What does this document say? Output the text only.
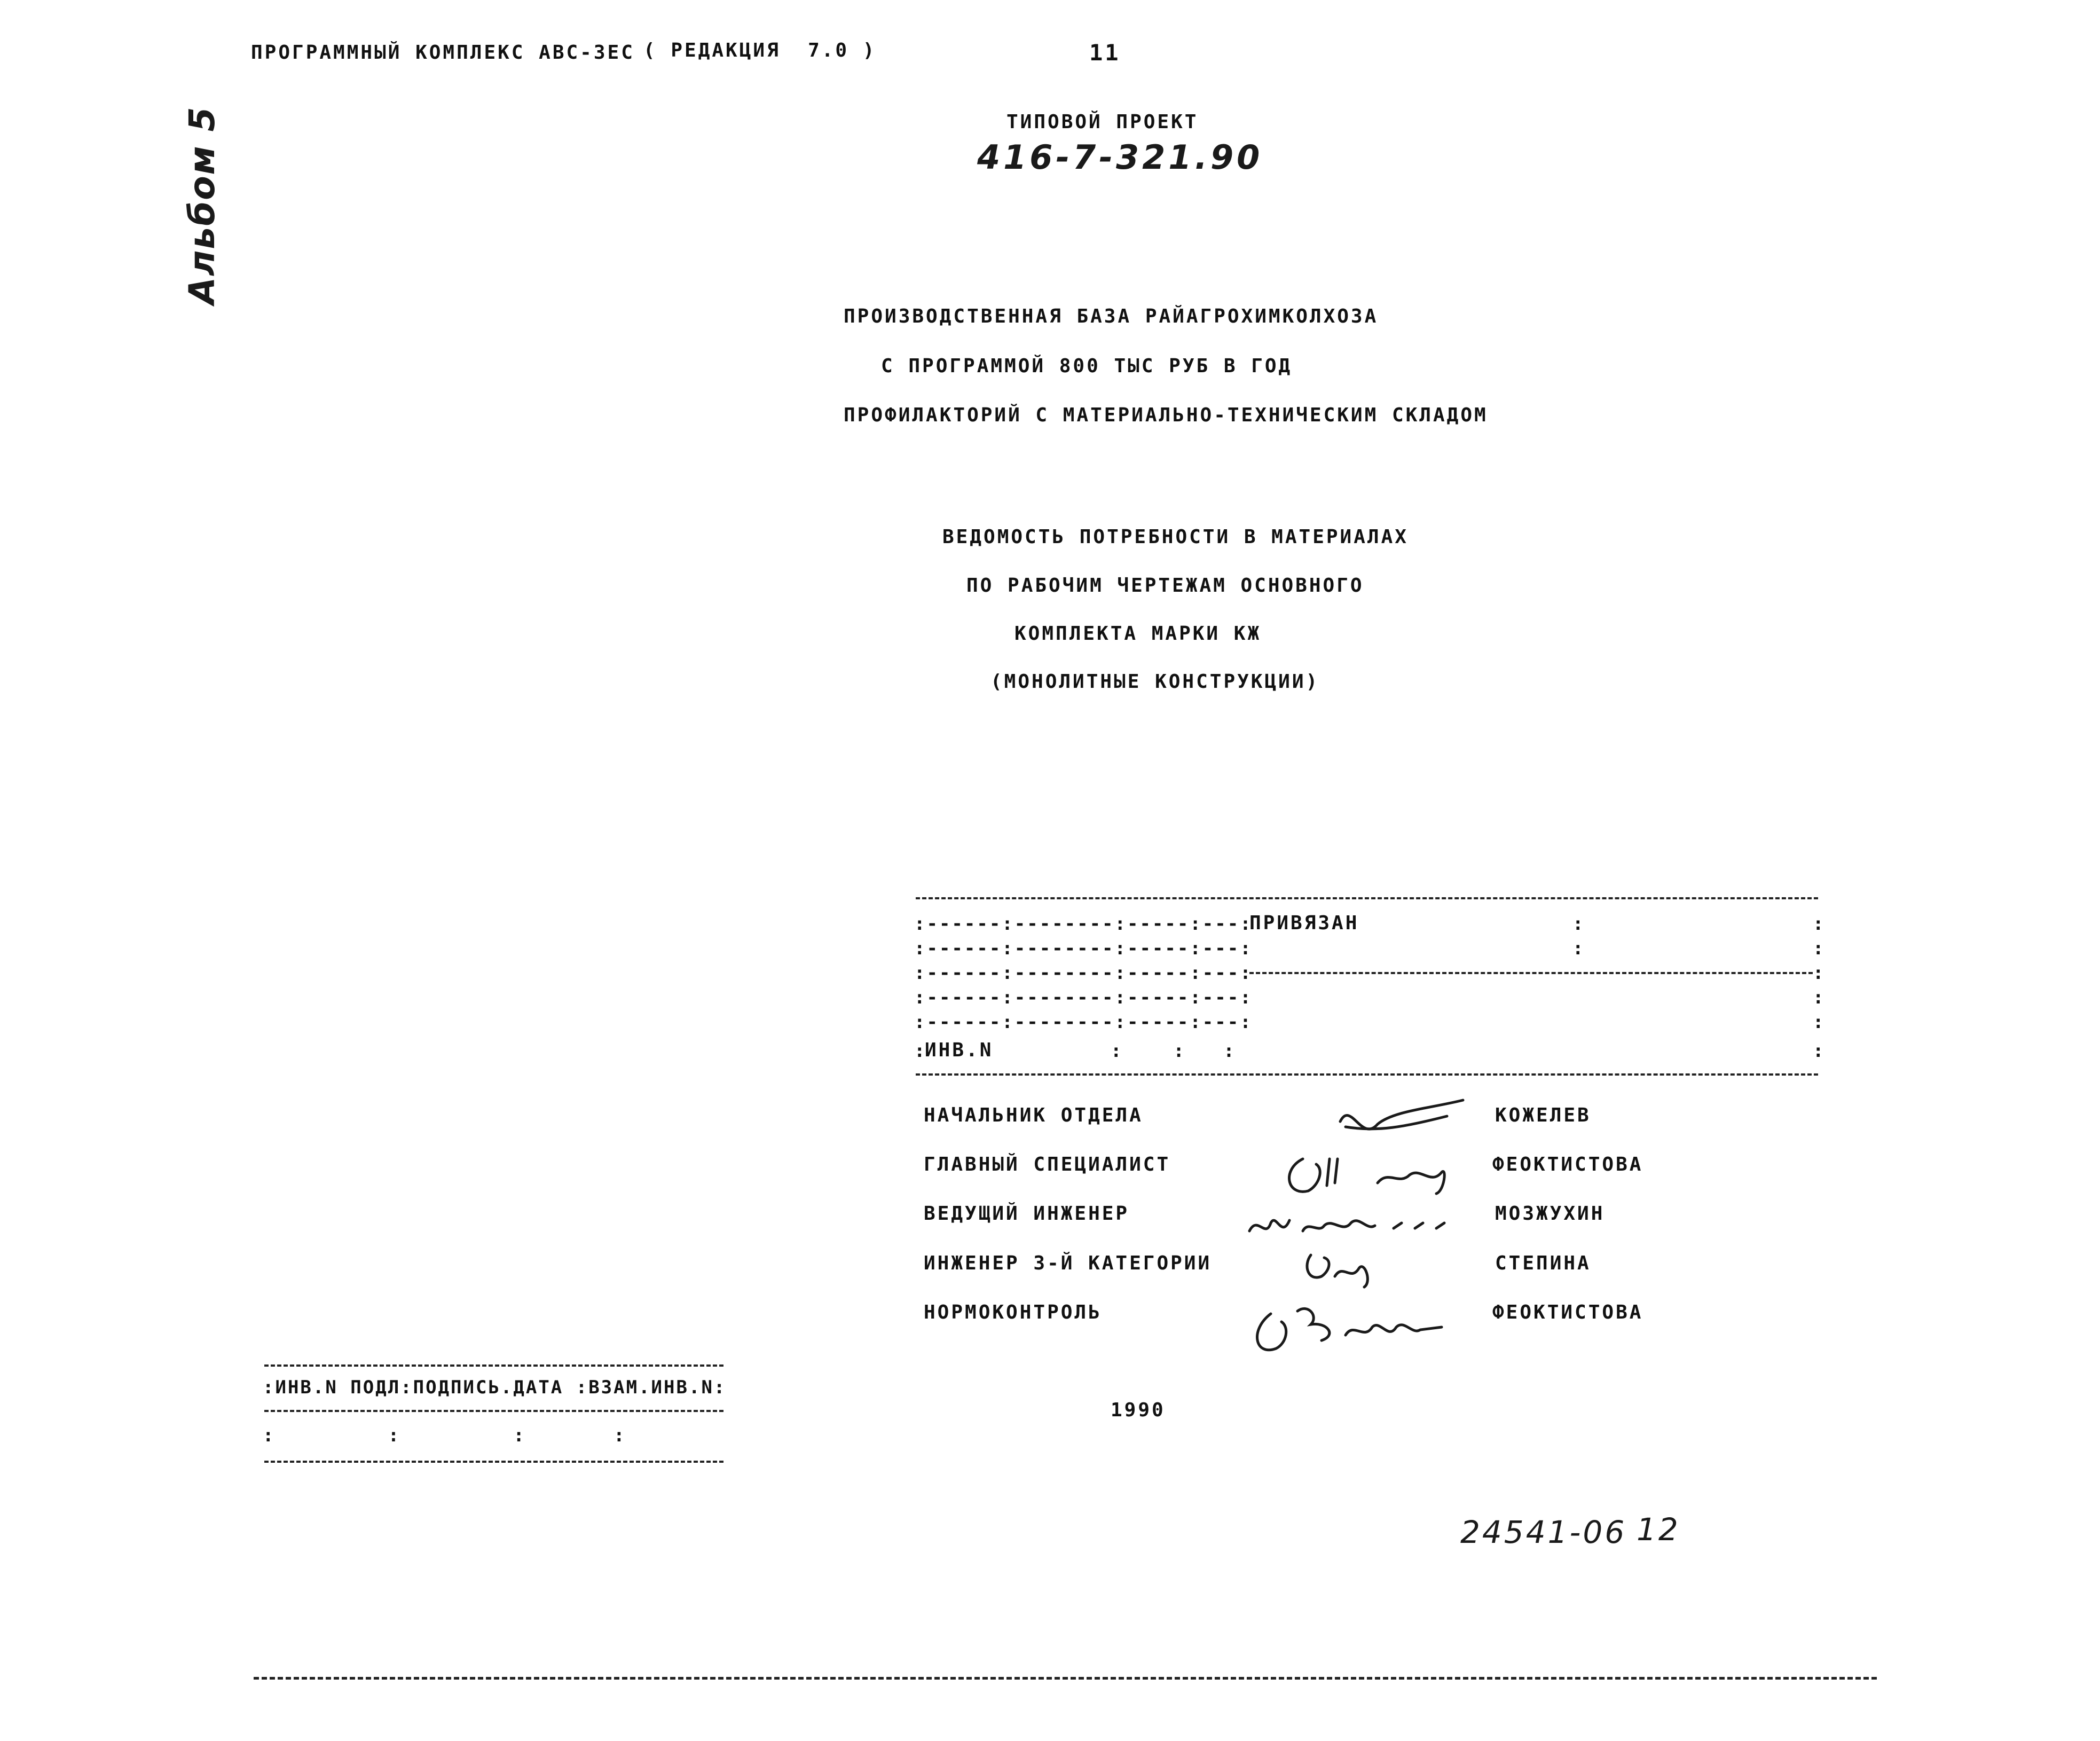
ПРОГРАММНЫЙ КОМПЛЕКС АВС-3ЕС ( РЕДАКЦИЯ  7.0 )	11
Альбом 5	ТИПОВОЙ ПРОЕКТ
416-7-321.90
ПРОИЗВОДСТВЕННАЯ БАЗА РАЙАГРОХИМКОЛХОЗА
С ПРОГРАММОЙ 800 ТЫС РУБ В ГОД
ПРОФИЛАКТОРИЙ С МАТЕРИАЛЬНО-ТЕХНИЧЕСКИМ СКЛАДОМ
ВЕДОМОСТЬ ПОТРЕБНОСТИ В МАТЕРИАЛАХ
ПО РАБОЧИМ ЧЕРТЕЖАМ ОСНОВНОГО
КОМПЛЕКТА МАРКИ КЖ
(МОНОЛИТНЫЕ КОНСТРУКЦИИ)
:------:--------:-----:---:
ПРИВЯЗАН	:	:
:------:--------:-----:---:	:	:
:------:--------:-----:---:	:
:------:--------:-----:---:	:
:------:--------:-----:---:	:
:
ИНВ.N	:    :   :	:
НАЧАЛЬНИК ОТДЕЛА	КОЖЕЛЕВ
ГЛАВНЫЙ СПЕЦИАЛИСТ	ФЕОКТИСТОВА
ВЕДУЩИЙ ИНЖЕНЕР	МОЗЖУХИН
ИНЖЕНЕР 3-Й КАТЕГОРИИ	СТЕПИНА
НОРМОКОНТРОЛЬ	ФЕОКТИСТОВА
:ИНВ.N ПОДЛ:ПОДПИСЬ.ДАТА :ВЗАМ.ИНВ.N:
:         :         :       :
1990
24541-06 12
